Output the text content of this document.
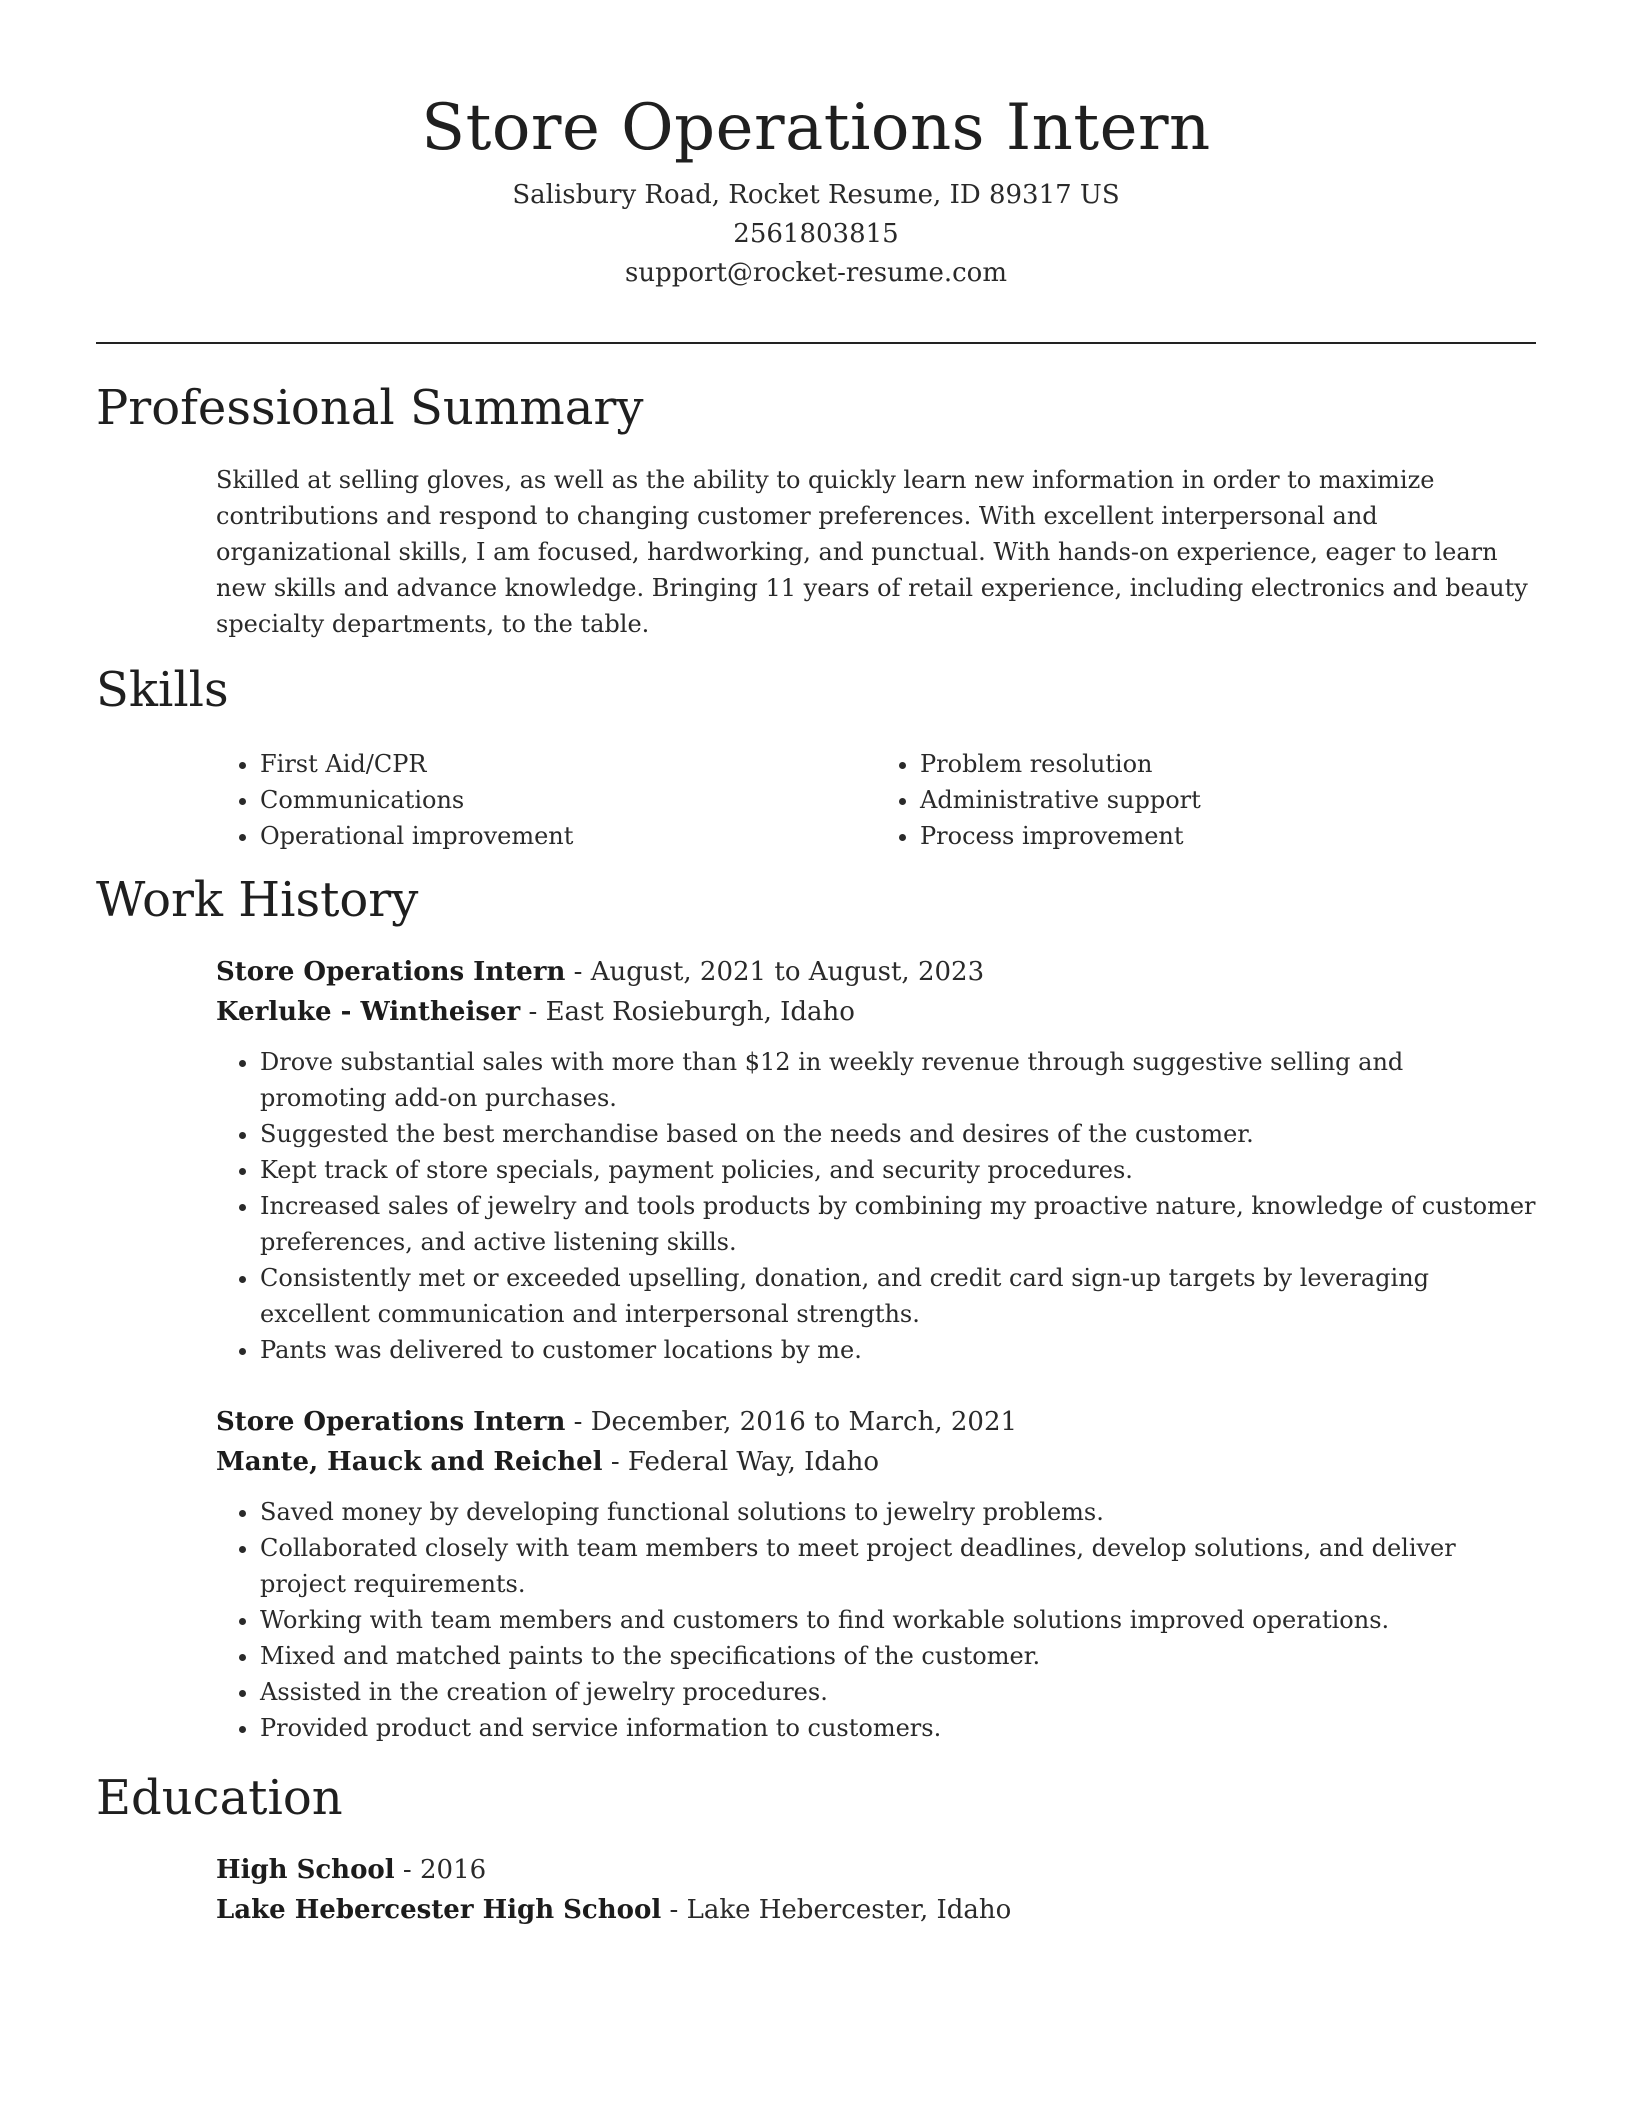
Store Operations Intern
Salisbury Road, Rocket Resume, ID 89317 US
2561803815
support@rocket-resume.com
Professional Summary

Skilled at selling gloves, as well as the ability to quickly learn new information in order to maximize contributions and respond to changing customer preferences. With excellent interpersonal and organizational skills, I am focused, hardworking, and punctual. With hands-on experience, eager to learn new skills and advance knowledge. Bringing 11 years of retail experience, including electronics and beauty specialty departments, to the table.

Skills
• First Aid/CPR
• Communications
• Operational improvement
• Problem resolution
• Administrative support
• Process improvement
Work History
Store Operations Intern - August, 2021 to August, 2023
Kerluke - Wintheiser - East Rosieburgh, Idaho
• Drove substantial sales with more than $12 in weekly revenue through suggestive selling and promoting add-on purchases.
• Suggested the best merchandise based on the needs and desires of the customer.
• Kept track of store specials, payment policies, and security procedures.
• Increased sales of jewelry and tools products by combining my proactive nature, knowledge of customer preferences, and active listening skills.
• Consistently met or exceeded upselling, donation, and credit card sign-up targets by leveraging excellent communication and interpersonal strengths.
• Pants was delivered to customer locations by me.
Store Operations Intern - December, 2016 to March, 2021
Mante, Hauck and Reichel - Federal Way, Idaho
• Saved money by developing functional solutions to jewelry problems.
• Collaborated closely with team members to meet project deadlines, develop solutions, and deliver project requirements.
• Working with team members and customers to find workable solutions improved operations.
• Mixed and matched paints to the specifications of the customer.
• Assisted in the creation of jewelry procedures.
• Provided product and service information to customers.
Education
High School - 2016
Lake Hebercester High School - Lake Hebercester, Idaho
